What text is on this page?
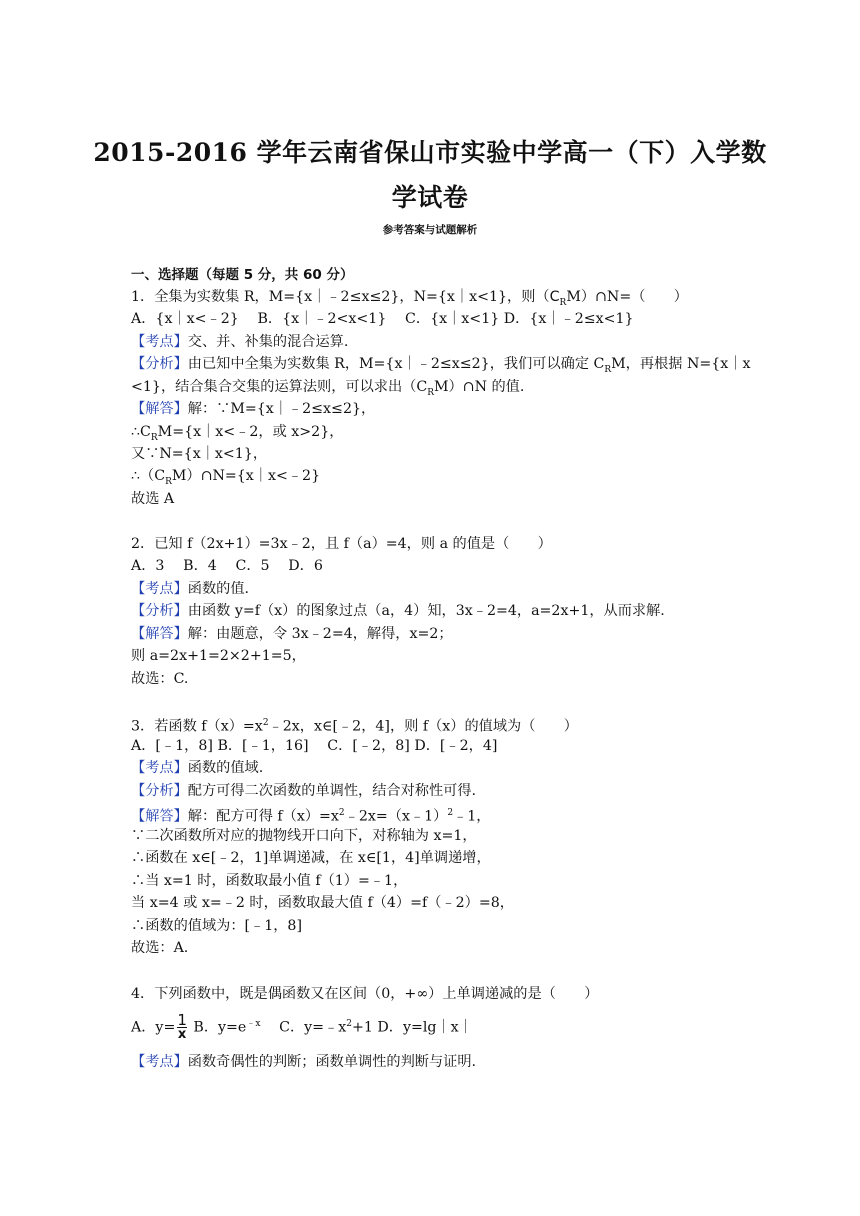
2015-2016 学年云南省保山市实验中学高一（下）入学数
学试卷
参考答案与试题解析
一、选择题（每题 5 分，共 60 分）
1．全集为实数集 R，M={x｜﹣2≤x≤2}，N={x｜x<1}，则$(C_RM)\cap N=$（　　）
A．{x｜x<﹣2}　 B．{x｜﹣2<x<1}　 C．{x｜x<1} D．{x｜﹣2≤x<1}
【考点】交、并、补集的混合运算.
【分析】由已知中全集为实数集 R，M={x｜﹣2≤x≤2}，我们可以确定 $C_RM$，再根据 N={x｜x
<1}，结合集合交集的运算法则，可以求出$(C_RM)\cap N$ 的值.
【解答】解：∵M={x｜﹣2≤x≤2}，
$\therefore C_RM=\{x|x<﹣2$，或 x>2}，
又∵N={x｜x<1}，
$\therefore(C_RM)\cap N=\{x|x<﹣2\}$
故选 A
2．已知 f（2x+1）=3x﹣2，且 f（a）=4，则 a 的值是（　　）
A．3　 B．4　 C．5　 D．6
【考点】函数的值.
【分析】由函数 y=f（x）的图象过点（a，4）知，3x﹣2=4，a=2x+1，从而求解.
【解答】解：由题意，令 3x﹣2=4，解得，x=2；
则 a=2x+1=2×2+1=5，
故选：C.
3．若函数 $f(x)=x^2﹣2x$，x∈[﹣2，4]，则 f（x）的值域为（　　）
A．[﹣1，8] B．[﹣1，16]　 C．[﹣2，8] D．[﹣2，4]
【考点】函数的值域.
【分析】配方可得二次函数的单调性，结合对称性可得.
【解答】解：配方可得 $f(x)=x^2﹣2x=(x﹣1)^2﹣1$，
∵二次函数所对应的抛物线开口向下，对称轴为 x=1，
∴函数在 x∈[﹣2，1]单调递减，在 x∈[1，4]单调递增，
∴当 x=1 时，函数取最小值 f（1）=﹣1，
当 x=4 或 x=﹣2 时，函数取最大值 f（4）=f（﹣2）=8，
∴函数的值域为：[﹣1，8]
故选：A.
4．下列函数中，既是偶函数又在区间（0，+∞）上单调递减的是（　　）
A．$y= \frac{1}{x}$ B．$y=e^{﹣x}$　 C．$y=﹣x^2+1$ D．y=lg｜x｜
【考点】函数奇偶性的判断；函数单调性的判断与证明.
